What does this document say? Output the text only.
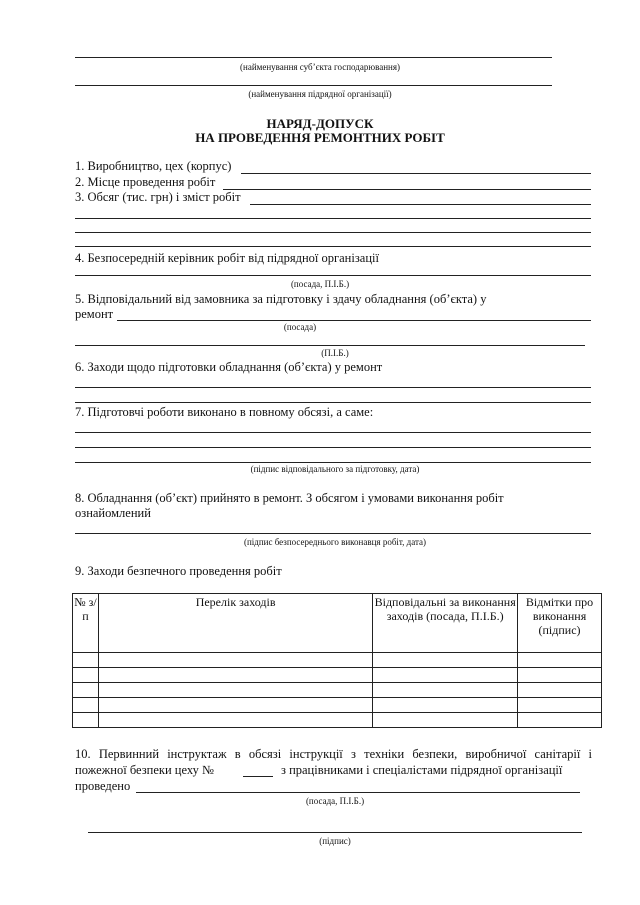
(найменування суб’єкта господарювання)
(найменування підрядної організації)
НАРЯД-ДОПУСК
НА ПРОВЕДЕННЯ РЕМОНТНИХ РОБІТ
1. Виробництво, цех (корпус)
2. Місце проведення робіт
3. Обсяг (тис. грн) і зміст робіт
4. Безпосередній керівник робіт від підрядної організації
(посада, П.І.Б.)
5. Відповідальний від замовника за підготовку і здачу обладнання (об’єкта) у
ремонт
(посада)
(П.І.Б.)
6. Заходи щодо підготовки обладнання (об’єкта) у ремонт
7. Підготовчі роботи виконано в повному обсязі, а саме:
(підпис відповідального за підготовку, дата)
8. Обладнання (об’єкт) прийнято в ремонт. З обсягом і умовами виконання робіт
ознайомлений
(підпис безпосереднього виконавця робіт, дата)
9. Заходи безпечного проведення робіт
№ з/п	Перелік заходів	Відповідальні за виконання заходів (посада, П.І.Б.)	Відмітки про виконання (підпис)

10. Первинний інструктаж в обсязі інструкції з техніки безпеки, виробничої санітарії і
пожежної безпеки цеху №	з працівниками і спеціалістами підрядної організації
проведено
(посада, П.І.Б.)
(підпис)
